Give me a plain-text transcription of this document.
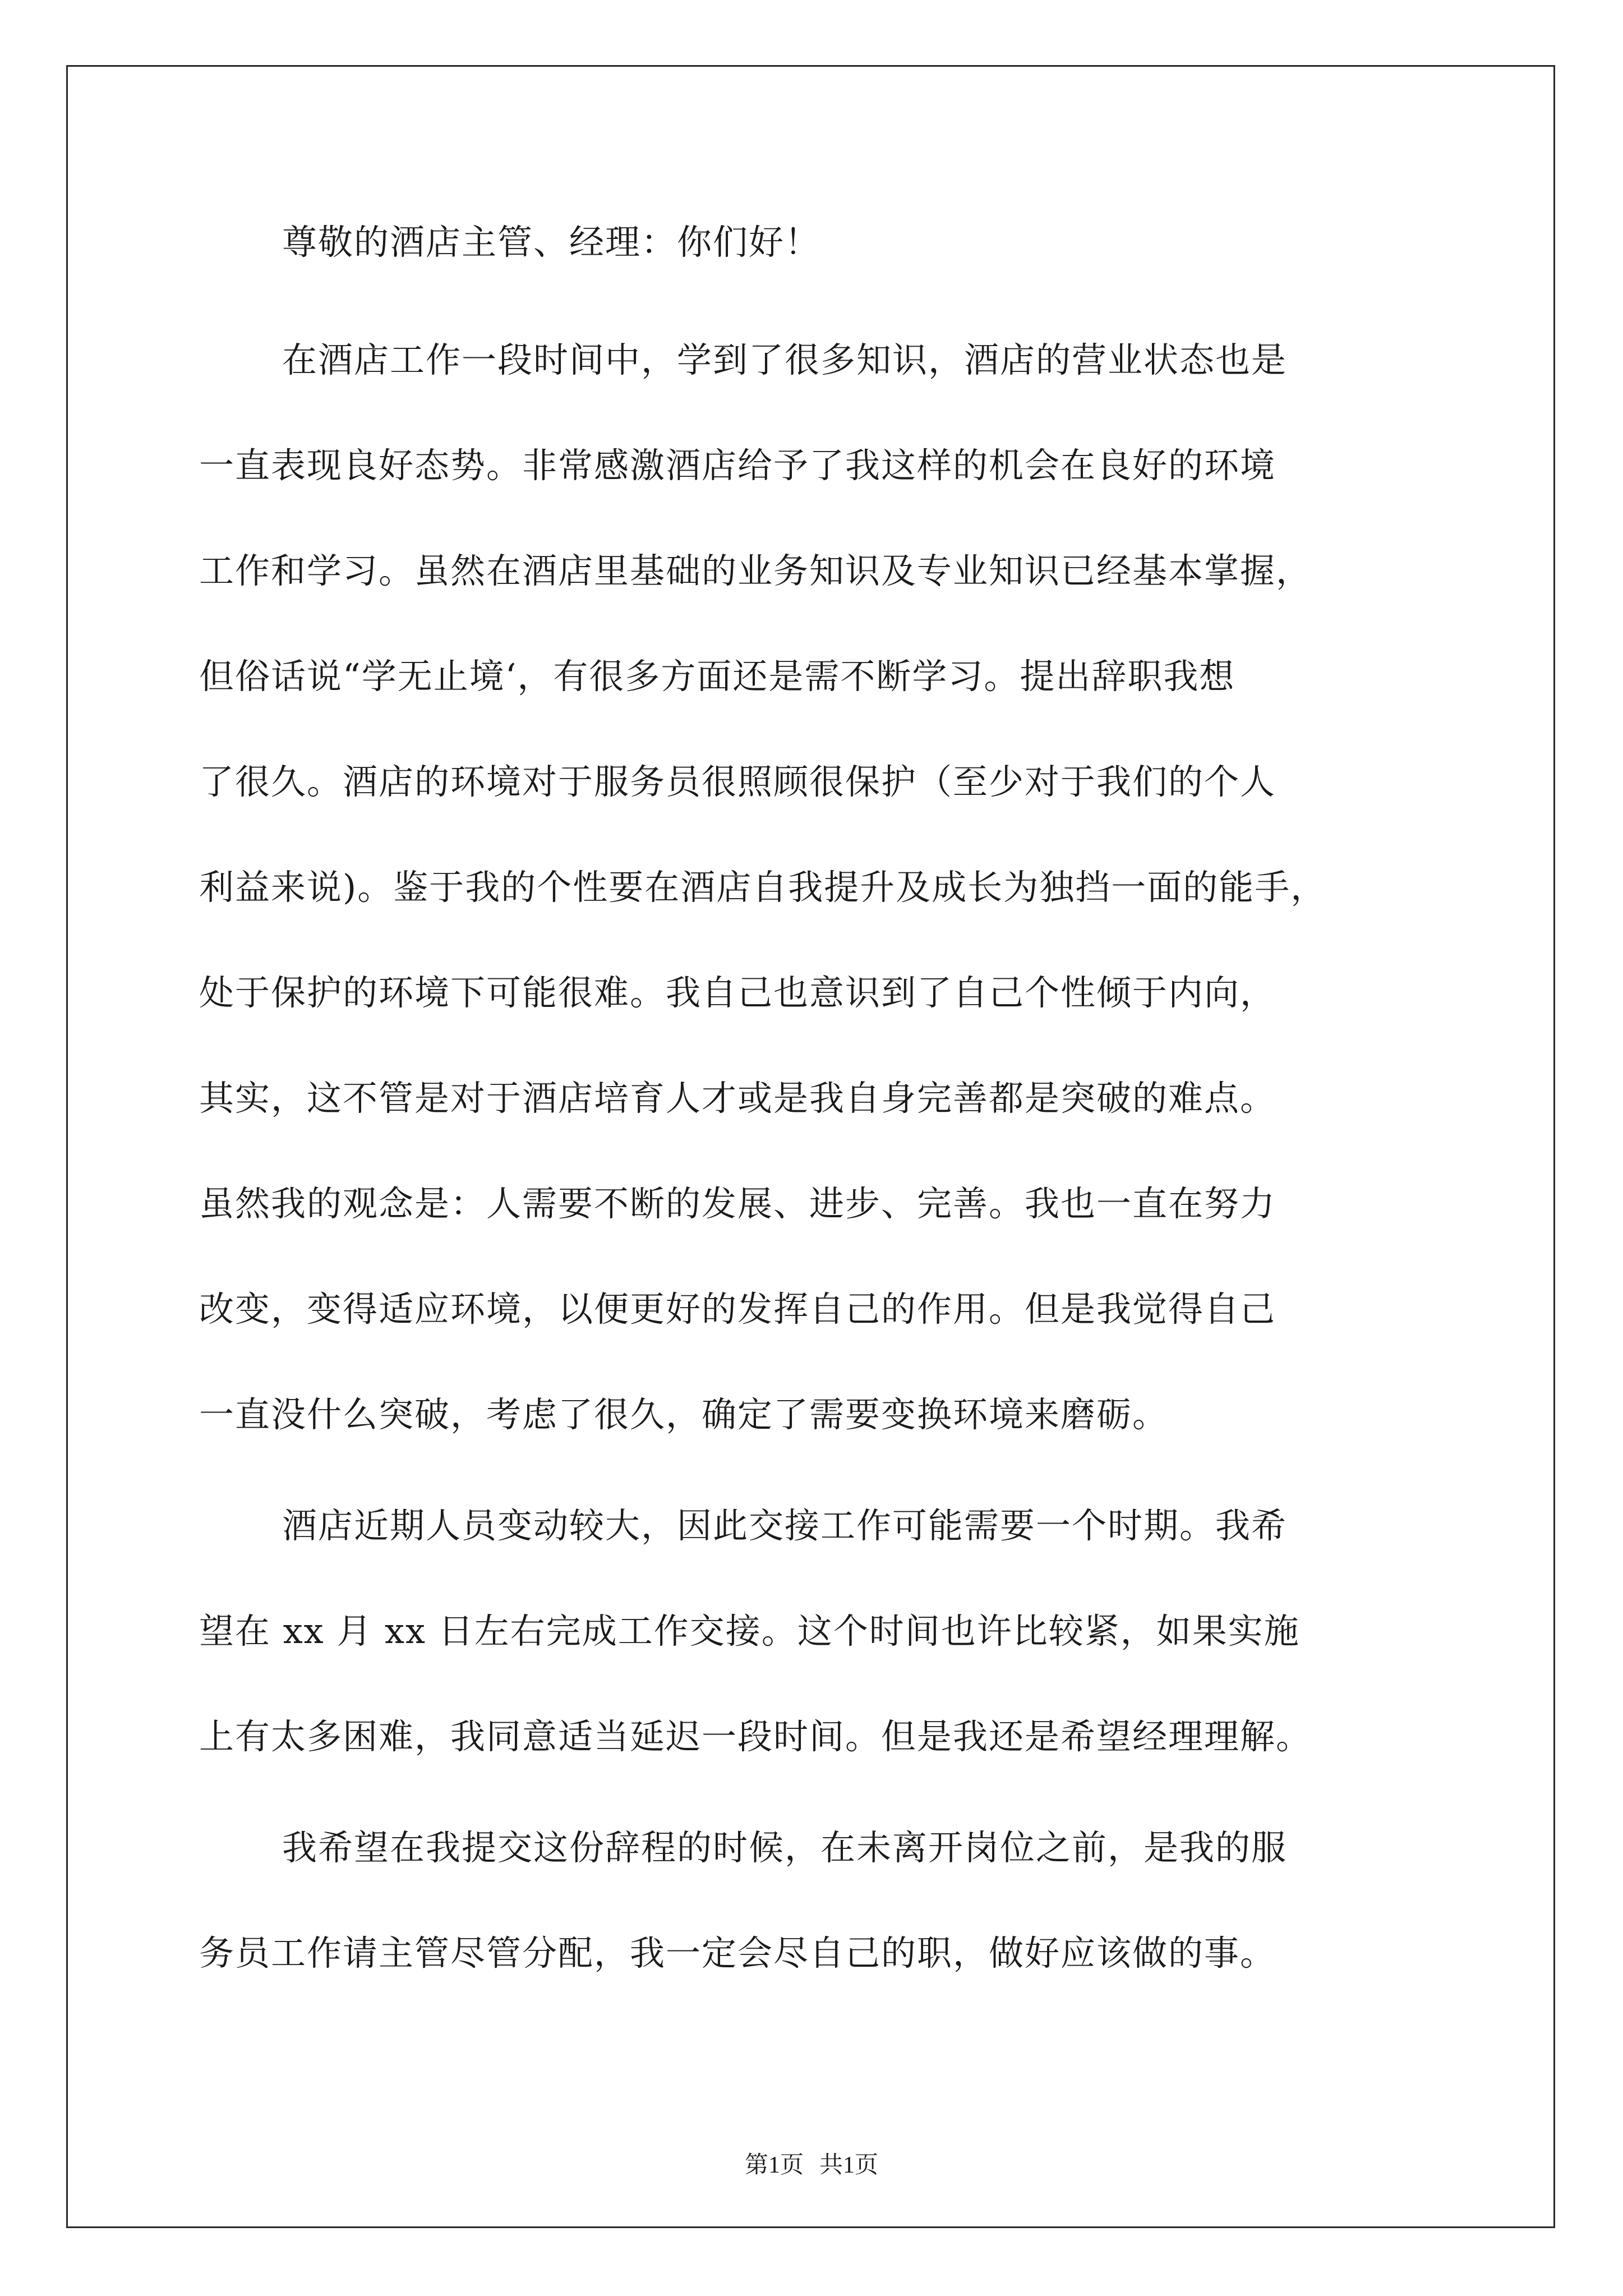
尊敬的酒店主管、经理：你们好！
在酒店工作一段时间中，学到了很多知识，酒店的营业状态也是
一直表现良好态势。非常感激酒店给予了我这样的机会在良好的环境
工作和学习。虽然在酒店里基础的业务知识及专业知识已经基本掌握，
但俗话说“学无止境‘，有很多方面还是需不断学习。提出辞职我想
了很久。酒店的环境对于服务员很照顾很保护（至少对于我们的个人
利益来说)。鉴于我的个性要在酒店自我提升及成长为独挡一面的能手，
处于保护的环境下可能很难。我自己也意识到了自己个性倾于内向，
其实，这不管是对于酒店培育人才或是我自身完善都是突破的难点。
虽然我的观念是：人需要不断的发展、进步、完善。我也一直在努力
改变，变得适应环境，以便更好的发挥自己的作用。但是我觉得自己
一直没什么突破，考虑了很久，确定了需要变换环境来磨砺。
酒店近期人员变动较大，因此交接工作可能需要一个时期。我希
望在 xx 月 xx 日左右完成工作交接。这个时间也许比较紧，如果实施
上有太多困难，我同意适当延迟一段时间。但是我还是希望经理理解。
我希望在我提交这份辞程的时候，在未离开岗位之前，是我的服
务员工作请主管尽管分配，我一定会尽自己的职，做好应该做的事。
第1页 共1页
